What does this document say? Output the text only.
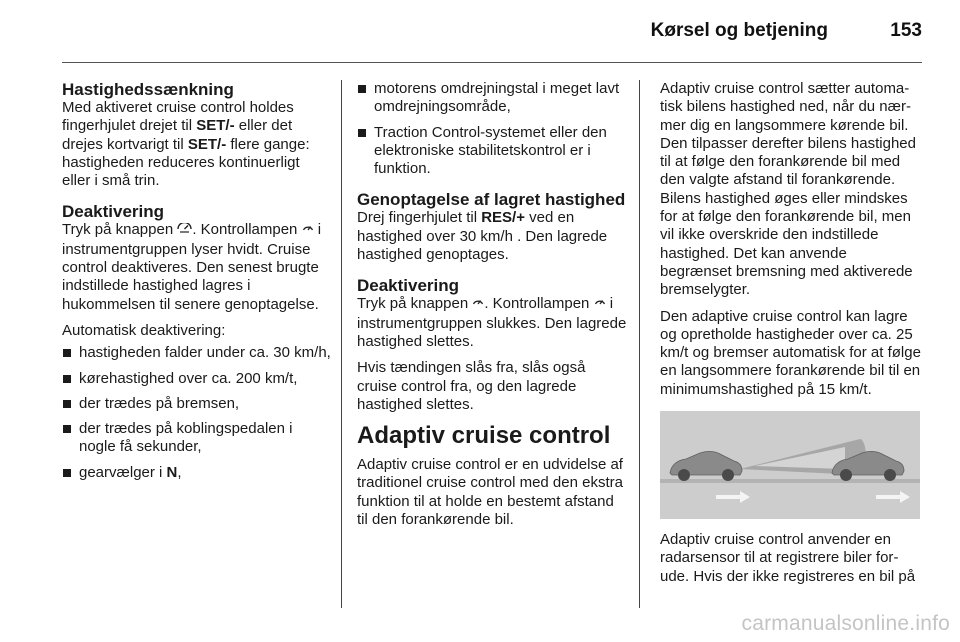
Kørsel og betjening	153
Hastighedssænkning

Med aktiveret cruise control holdes fingerhjulet drejet til SET/- eller det drejes kortvarigt til SET/- flere gange: hastigheden reduceres kontinuerligt eller i små trin.

Deaktivering

Tryk på knappen . Kontrollampen  i instrumentgruppen lyser hvidt. Cruise control deaktiveres. Den senest brugte indstillede hastighed lagres i hukommelsen til senere genoptagelse.

Automatisk deaktivering:

hastigheden falder under ca. 30 km/h,
kørehastighed over ca. 200 km/t,
der trædes på bremsen,
der trædes på koblingspedalen i nogle få sekunder,
gearvælger i N,
motorens omdrejningstal i meget lavt omdrejningsområde,
Traction Control-systemet eller den elektroniske stabilitetskontrol er i funktion.
Genoptagelse af lagret hastighed

Drej fingerhjulet til RES/+ ved en hastighed over 30 km/h . Den lagrede hastighed genoptages.

Deaktivering

Tryk på knappen . Kontrollampen  i instrumentgruppen slukkes. Den lagrede hastighed slettes.

Hvis tændingen slås fra, slås også cruise control fra, og den lagrede hastighed slettes.

Adaptiv cruise control

Adaptiv cruise control er en udvidelse af traditionel cruise control med den ekstra funktion til at holde en bestemt afstand til den forankørende bil.

Adaptiv cruise control sætter automatisk bilens hastighed ned, når du nærmer dig en langsommere kørende bil. Den tilpasser derefter bilens hastighed til at følge den forankørende bil med den valgte afstand til forankørende. Bilens hastighed øges eller mindskes for at følge den forankørende bil, men vil ikke overskride den indstillede hastighed. Det kan anvende begrænset bremsning med aktiverede bremselygter.

Den adaptive cruise control kan lagre og opretholde hastigheder over ca. 25 km/t og bremser automatisk for at følge en langsommere forankørende bil til en minimumshastighed på 15 km/t.

Adaptiv cruise control anvender en radarsensor til at registrere biler forude. Hvis der ikke registreres en bil på

carmanualsonline.info
